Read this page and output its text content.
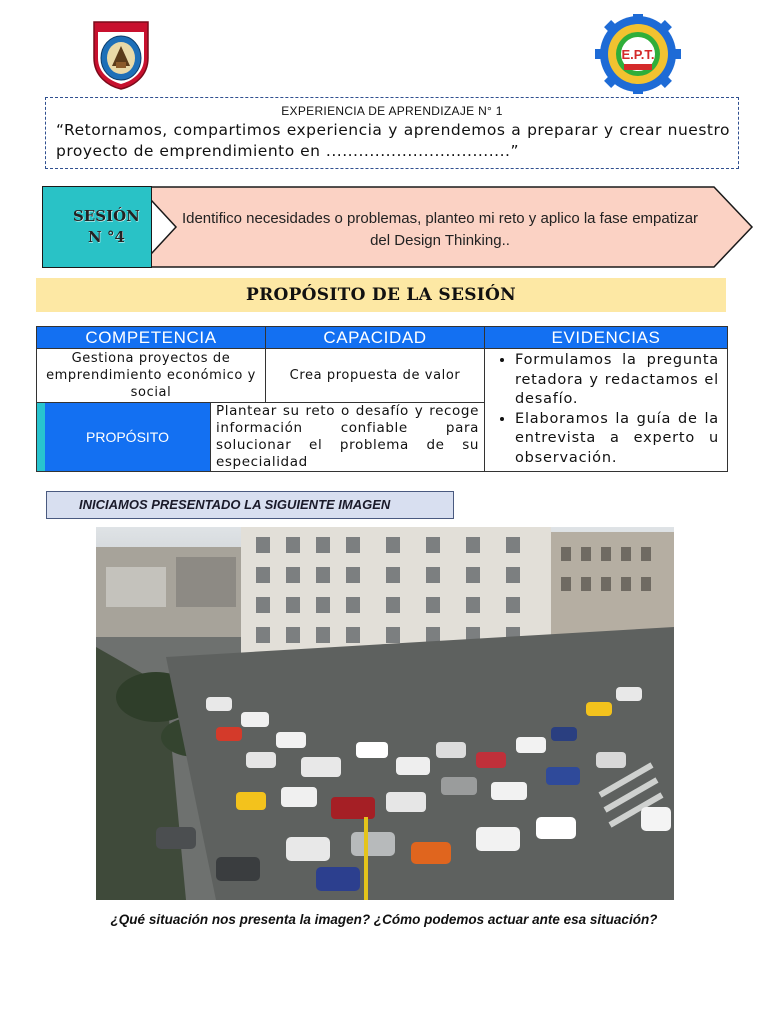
E.P.T.
EXPERIENCIA DE APRENDIZAJE N° 1
“Retornamos, compartimos experiencia y aprendemos a preparar y crear nuestro proyecto de emprendimiento en ..................................”
SESIÓN
N °4
Identifico necesidades o problemas, planteo mi reto y aplico la fase empatizar del Design Thinking..
PROPÓSITO DE LA SESIÓN
COMPETENCIA	CAPACIDAD	EVIDENCIAS
Gestiona proyectos de emprendimiento económico y social
Crea propuesta de valor
PROPÓSITO
Plantear su reto o desafío y recoge información confiable para solucionar el problema de su especialidad
• Formulamos la pregunta retadora y redactamos el desafío.
• Elaboramos la guía de la entrevista a experto u observación.
INICIAMOS PRESENTADO LA SIGUIENTE IMAGEN
¿Qué situación nos presenta la imagen? ¿Cómo podemos actuar ante esa situación?
